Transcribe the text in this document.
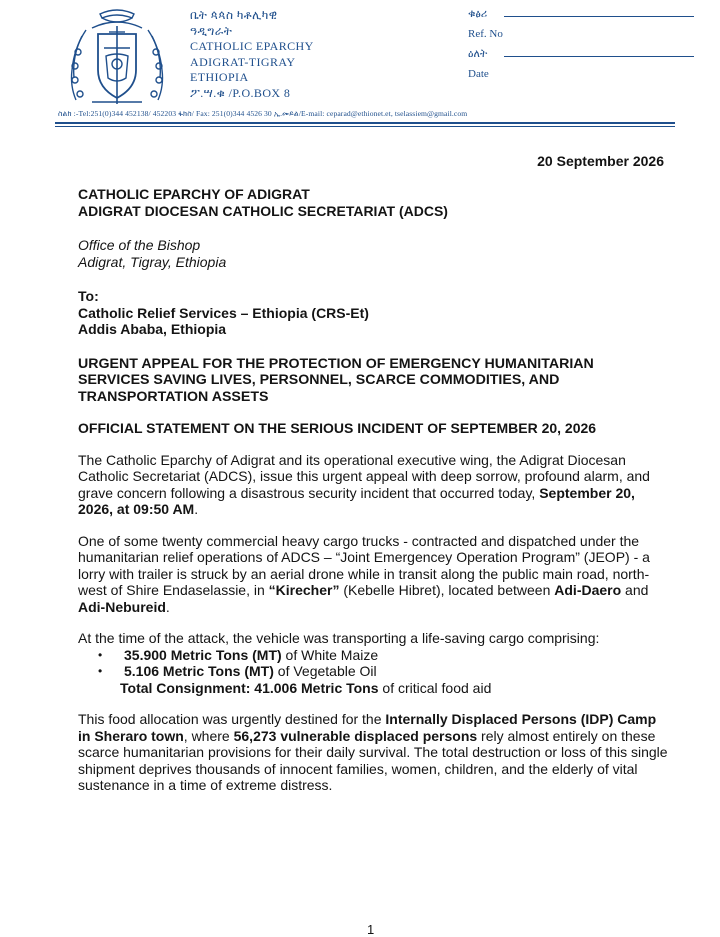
ቤት ጳጳስ ካቶሊካዊ
ዓዲግራት
CATHOLIC EPARCHY
ADIGRAT-TIGRAY
ETHIOPIA
ፖ.ሣ.ቁ /P.O.BOX 8
ቁፅሪ
Ref. No
ዕለት
Date
ስልክ :-Tel:251(0)344 452138/ 452203 ፋክስ/ Fax: 251(0)344 4526 30 ኢ.መይል/E-mail: ceparad@ethionet.et, tselassiem@gmail.com
20 September 2026
CATHOLIC EPARCHY OF ADIGRAT
ADIGRAT DIOCESAN CATHOLIC SECRETARIAT (ADCS)
Office of the Bishop
Adigrat, Tigray, Ethiopia
To:
Catholic Relief Services – Ethiopia (CRS-Et)
Addis Ababa, Ethiopia
URGENT APPEAL FOR THE PROTECTION OF EMERGENCY HUMANITARIAN
SERVICES SAVING LIVES, PERSONNEL, SCARCE COMMODITIES, AND
TRANSPORTATION ASSETS
OFFICIAL STATEMENT ON THE SERIOUS INCIDENT OF SEPTEMBER 20, 2026
The Catholic Eparchy of Adigrat and its operational executive wing, the Adigrat Diocesan Catholic Secretariat (ADCS), issue this urgent appeal with deep sorrow, profound alarm, and grave concern following a disastrous security incident that occurred today, September 20, 2026, at 09:50 AM.
One of some twenty commercial heavy cargo trucks - contracted and dispatched under the humanitarian relief operations of ADCS – “Joint Emergencey Operation Program” (JEOP) - a lorry with trailer is struck by an aerial drone while in transit along the public main road, north-west of Shire Endaselassie, in “Kirecher” (Kebelle Hibret), located between Adi-Daero and Adi-Nebureid.
At the time of the attack, the vehicle was transporting a life-saving cargo comprising:
• 35.900 Metric Tons (MT) of White Maize
• 5.106 Metric Tons (MT) of Vegetable Oil
Total Consignment: 41.006 Metric Tons of critical food aid
This food allocation was urgently destined for the Internally Displaced Persons (IDP) Camp in Sheraro town, where 56,273 vulnerable displaced persons rely almost entirely on these scarce humanitarian provisions for their daily survival. The total destruction or loss of this single shipment deprives thousands of innocent families, women, children, and the elderly of vital sustenance in a time of extreme distress.
1
